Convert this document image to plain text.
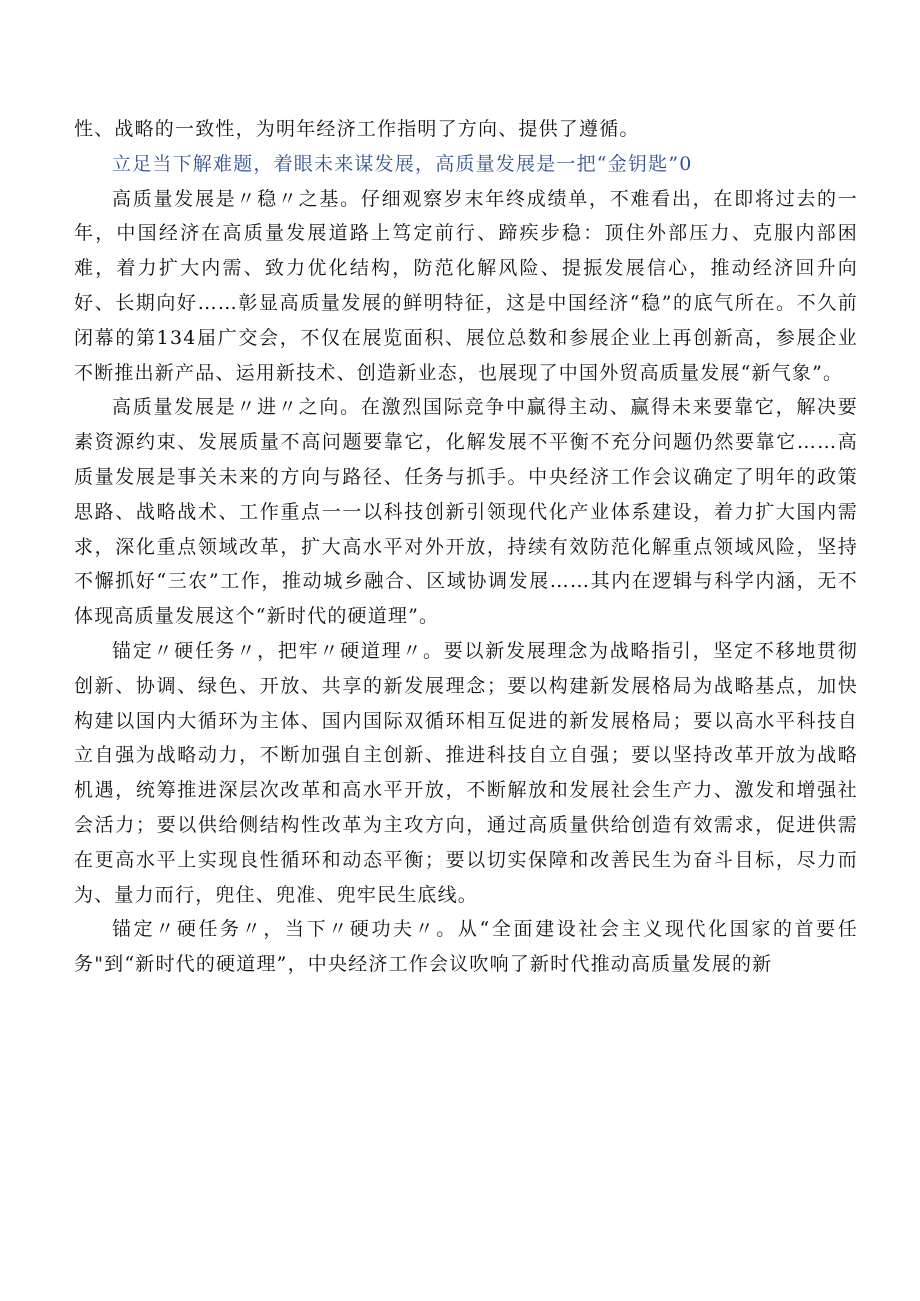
性、战略的一致性，为明年经济工作指明了方向、提供了遵循。

立足当下解难题，着眼未来谋发展，高质量发展是一把“金钥匙”0

高质量发展是〃稳〃之基。仔细观察岁末年终成绩单，不难看出，在即将过去的一年，中国经济在高质量发展道路上笃定前行、蹄疾步稳：顶住外部压力、克服内部困难，着力扩大内需、致力优化结构，防范化解风险、提振发展信心，推动经济回升向好、长期向好……彰显高质量发展的鲜明特征，这是中国经济“稳”的底气所在。不久前闭幕的第134届广交会，不仅在展览面积、展位总数和参展企业上再创新高，参展企业不断推出新产品、运用新技术、创造新业态，也展现了中国外贸高质量发展“新气象”。

高质量发展是〃进〃之向。在激烈国际竞争中赢得主动、赢得未来要靠它，解决要素资源约束、发展质量不高问题要靠它，化解发展不平衡不充分问题仍然要靠它……高质量发展是事关未来的方向与路径、任务与抓手。中央经济工作会议确定了明年的政策思路、战略战术、工作重点一一以科技创新引领现代化产业体系建设，着力扩大国内需求，深化重点领域改革，扩大高水平对外开放，持续有效防范化解重点领域风险，坚持不懈抓好“三农”工作，推动城乡融合、区域协调发展……其内在逻辑与科学内涵，无不体现高质量发展这个“新时代的硬道理”。

锚定〃硬任务〃，把牢〃硬道理〃。要以新发展理念为战略指引，坚定不移地贯彻创新、协调、绿色、开放、共享的新发展理念；要以构建新发展格局为战略基点，加快构建以国内大循环为主体、国内国际双循环相互促进的新发展格局；要以高水平科技自立自强为战略动力，不断加强自主创新、推进科技自立自强；要以坚持改革开放为战略机遇，统筹推进深层次改革和高水平开放，不断解放和发展社会生产力、激发和增强社会活力；要以供给侧结构性改革为主攻方向，通过高质量供给创造有效需求，促进供需在更高水平上实现良性循环和动态平衡；要以切实保障和改善民生为奋斗目标，尽力而为、量力而行，兜住、兜准、兜牢民生底线。

锚定〃硬任务〃，当下〃硬功夫〃。从“全面建设社会主义现代化国家的首要任务"到“新时代的硬道理”，中央经济工作会议吹响了新时代推动高质量发展的新
